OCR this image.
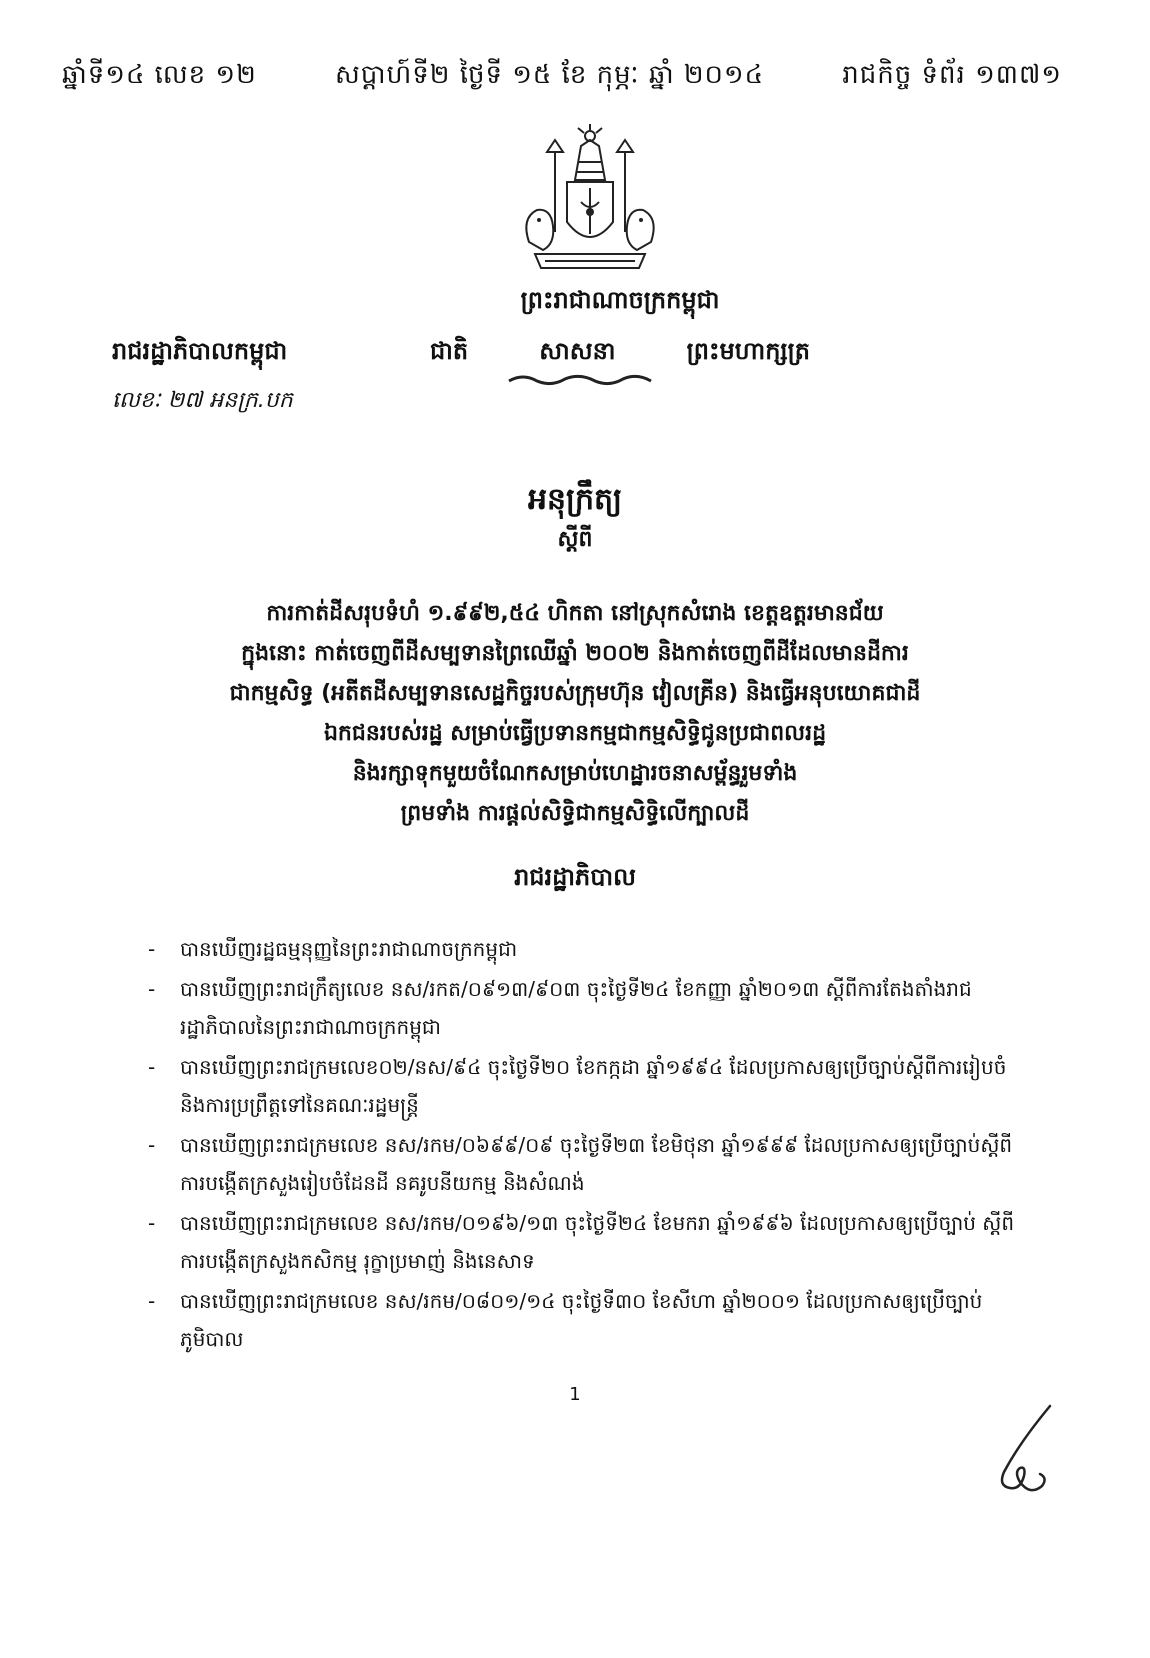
ឆ្នាំទី១៤ លេខ ១២	សប្ដាហ៍ទី២ ថ្ងៃទី ១៥ ខែ កុម្ភៈ ឆ្នាំ ២០១៤	រាជកិច្ច ទំព័រ ១៣៧១
ព្រះរាជាណាចក្រកម្ពុជា
ជាតិ	សាសនា	ព្រះមហាក្សត្រ
រាជរដ្ឋាភិបាលកម្ពុជា
លេខៈ ២៧ អនក្រ.បក
អនុក្រឹត្យ
ស្ដីពី
ការកាត់ដីសរុបទំហំ ១.៩៩២,៥៤ ហិកតា នៅស្រុកសំរោង ខេត្តឧត្ដរមានជ័យ
ក្នុងនោះ កាត់ចេញពីដីសម្បទានព្រៃឈើឆ្នាំ ២០០២ និងកាត់ចេញពីដីដែលមានដីការ
ជាកម្មសិទ្ធ (អតីតដីសម្បទានសេដ្ឋកិច្ចរបស់ក្រុមហ៊ុន វៀលគ្រីន) និងធ្វើអនុបយោគជាដី
ឯកជនរបស់រដ្ឋ សម្រាប់ធ្វើប្រទានកម្មជាកម្មសិទ្ធិជូនប្រជាពលរដ្ឋ
និងរក្សាទុកមួយចំណែកសម្រាប់ហេដ្ឋារចនាសម្ព័ន្ធរួមទាំង
ព្រមទាំង ការផ្ដល់សិទ្ធិជាកម្មសិទ្ធិលើក្បាលដី
រាជរដ្ឋាភិបាល
- បានឃើញរដ្ឋធម្មនុញ្ញនៃព្រះរាជាណាចក្រកម្ពុជា
- បានឃើញព្រះរាជក្រឹត្យលេខ នស/រកត/០៩១៣/៩០៣ ចុះថ្ងៃទី២៤ ខែកញ្ញា ឆ្នាំ២០១៣ ស្ដីពីការតែងតាំងរាជរដ្ឋាភិបាលនៃព្រះរាជាណាចក្រកម្ពុជា
- បានឃើញព្រះរាជក្រមលេខ០២/នស/៩៤ ចុះថ្ងៃទី២០ ខែកក្កដា ឆ្នាំ១៩៩៤ ដែលប្រកាសឲ្យប្រើច្បាប់ស្ដីពីការរៀបចំនិងការប្រព្រឹត្តទៅនៃគណៈរដ្ឋមន្ត្រី
- បានឃើញព្រះរាជក្រមលេខ នស/រកម/០៦៩៩/០៩ ចុះថ្ងៃទី២៣ ខែមិថុនា ឆ្នាំ១៩៩៩ ដែលប្រកាសឲ្យប្រើច្បាប់ស្ដីពីការបង្កើតក្រសួងរៀបចំដែនដី នគរូបនីយកម្ម និងសំណង់
- បានឃើញព្រះរាជក្រមលេខ នស/រកម/០១៩៦/១៣ ចុះថ្ងៃទី២៤ ខែមករា ឆ្នាំ១៩៩៦ ដែលប្រកាសឲ្យប្រើច្បាប់ ស្ដីពីការបង្កើតក្រសួងកសិកម្ម រុក្ខាប្រមាញ់ និងនេសាទ
- បានឃើញព្រះរាជក្រមលេខ នស/រកម/០៨០១/១៤ ចុះថ្ងៃទី៣០ ខែសីហា ឆ្នាំ២០០១ ដែលប្រកាសឲ្យប្រើច្បាប់ភូមិបាល
1
